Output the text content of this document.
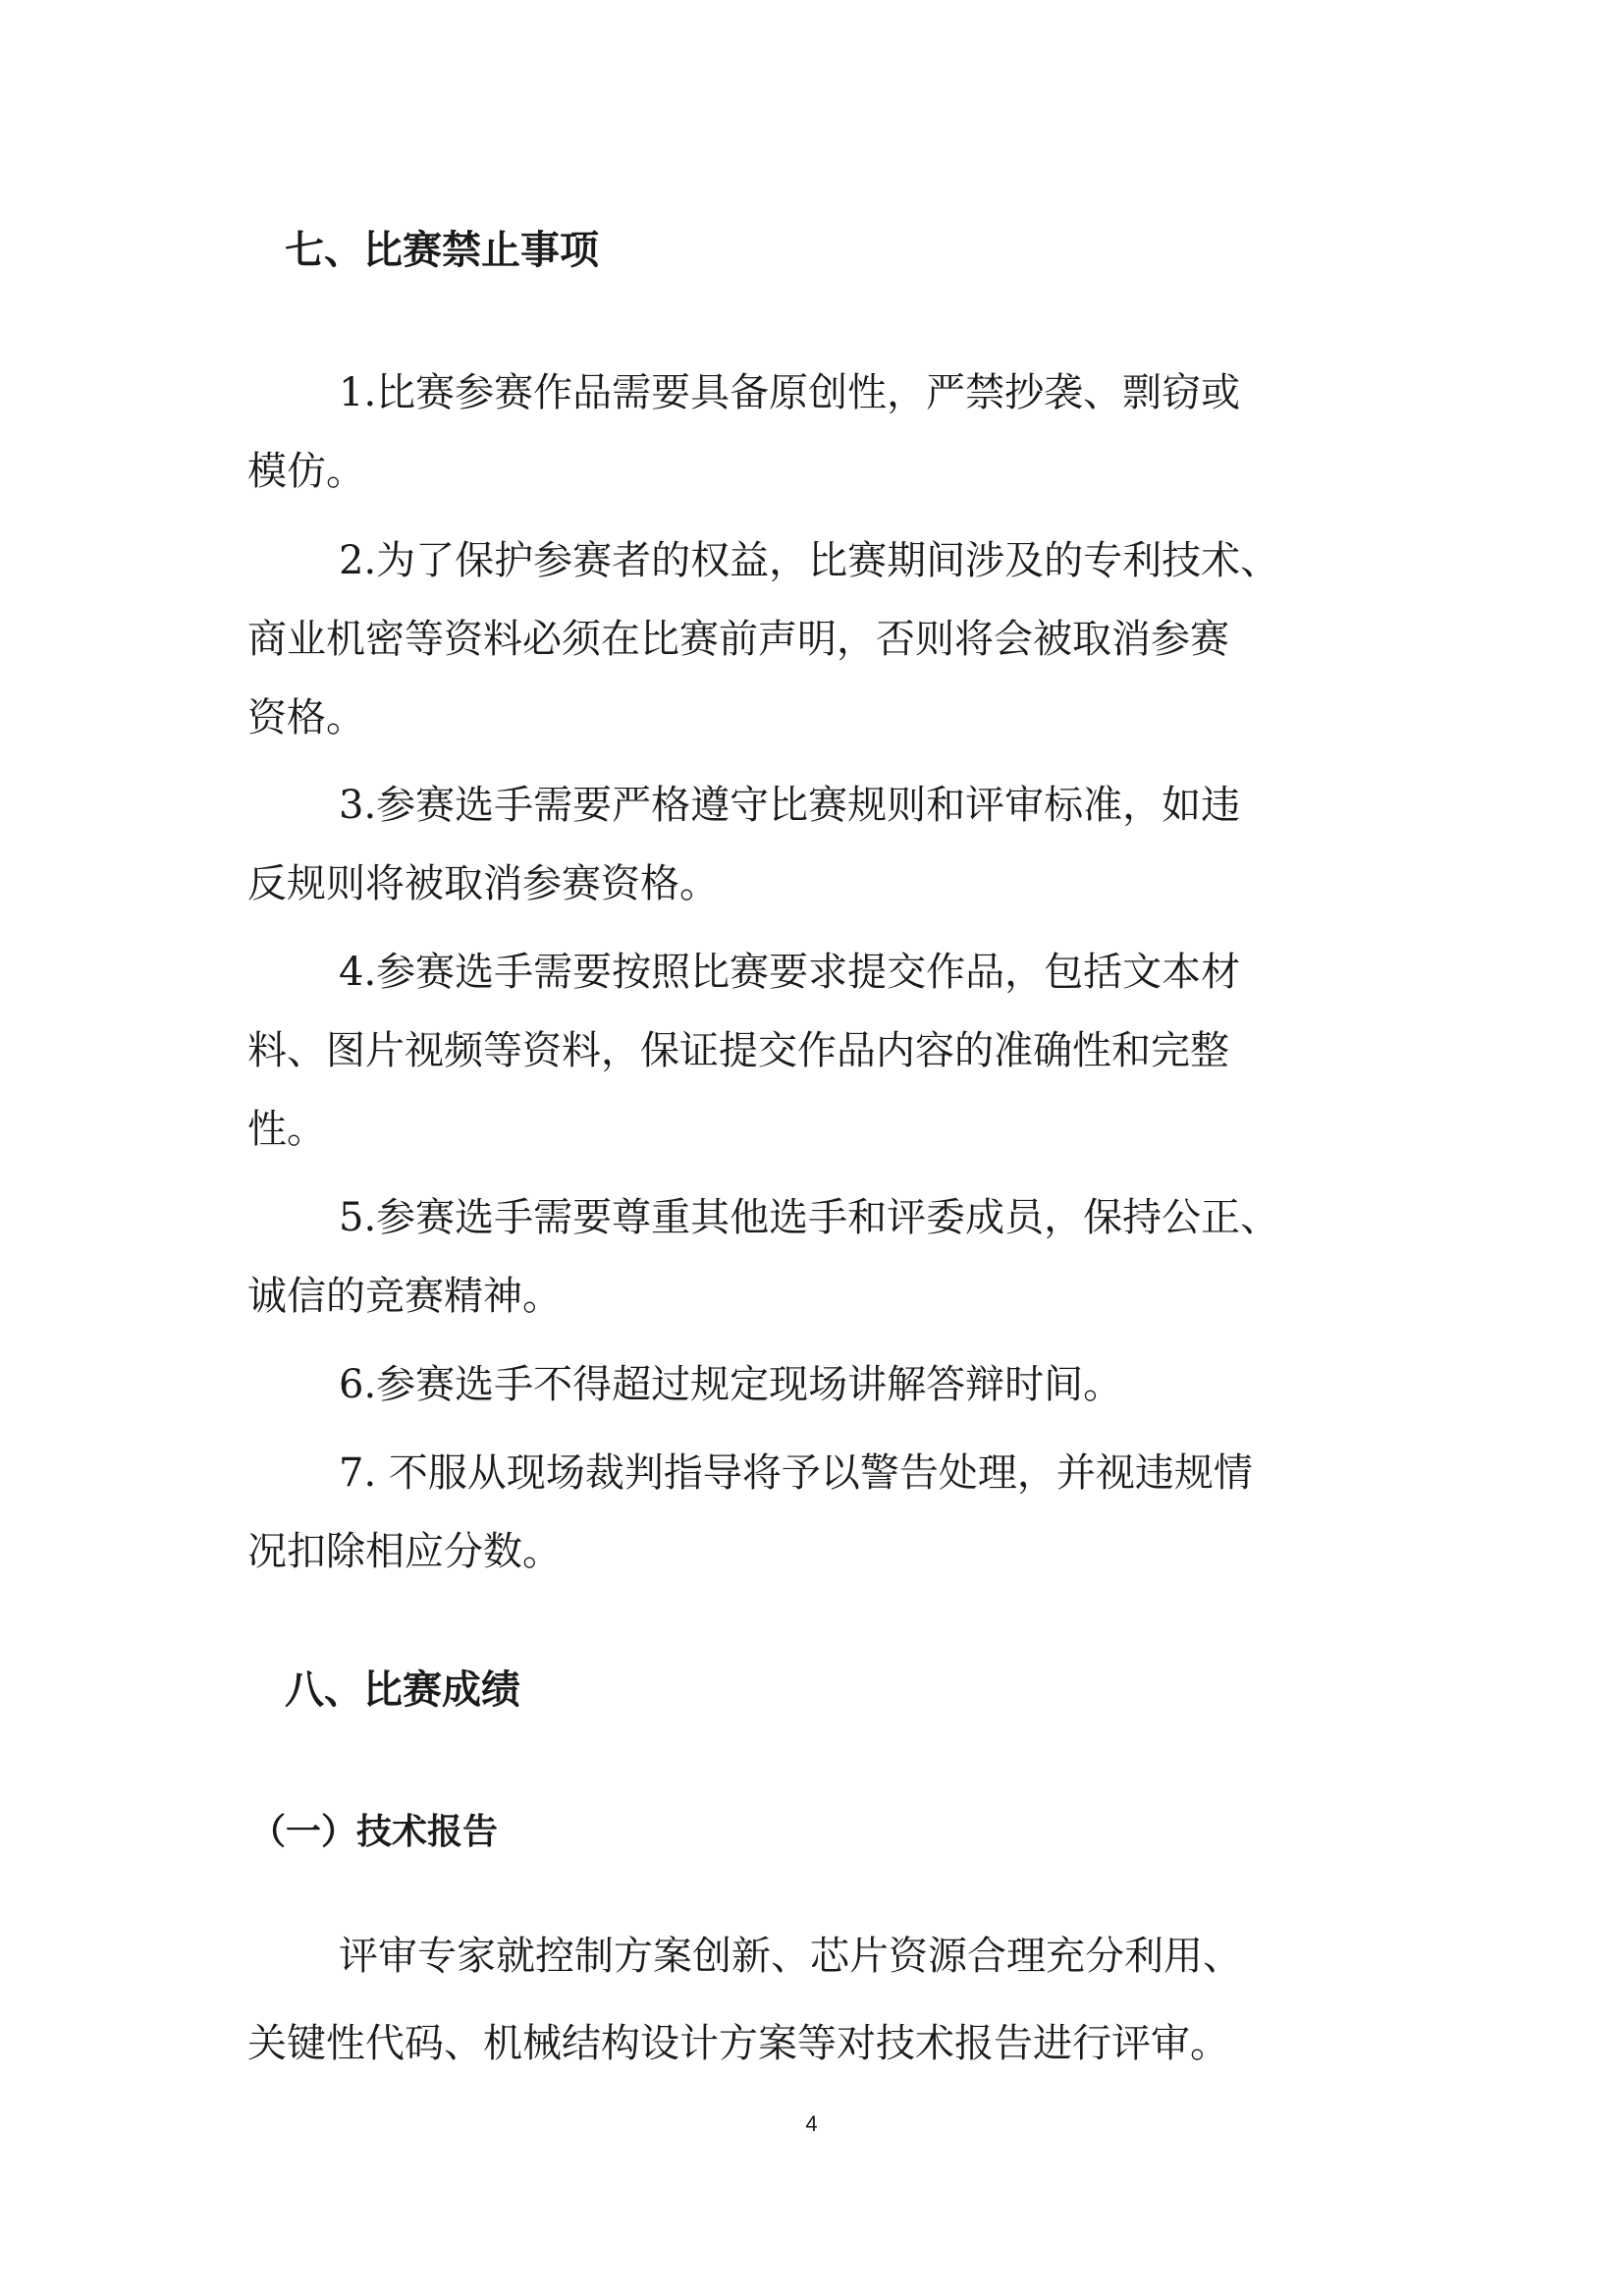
七、比赛禁止事项
1.比赛参赛作品需要具备原创性，严禁抄袭、剽窃或
模仿。
2.为了保护参赛者的权益，比赛期间涉及的专利技术、
商业机密等资料必须在比赛前声明，否则将会被取消参赛
资格。
3.参赛选手需要严格遵守比赛规则和评审标准，如违
反规则将被取消参赛资格。
4.参赛选手需要按照比赛要求提交作品，包括文本材
料、图片视频等资料，保证提交作品内容的准确性和完整
性。
5.参赛选手需要尊重其他选手和评委成员，保持公正、
诚信的竞赛精神。
6.参赛选手不得超过规定现场讲解答辩时间。
7. 不服从现场裁判指导将予以警告处理，并视违规情
况扣除相应分数。
八、比赛成绩
（一）技术报告
评审专家就控制方案创新、芯片资源合理充分利用、
关键性代码、机械结构设计方案等对技术报告进行评审。
4
